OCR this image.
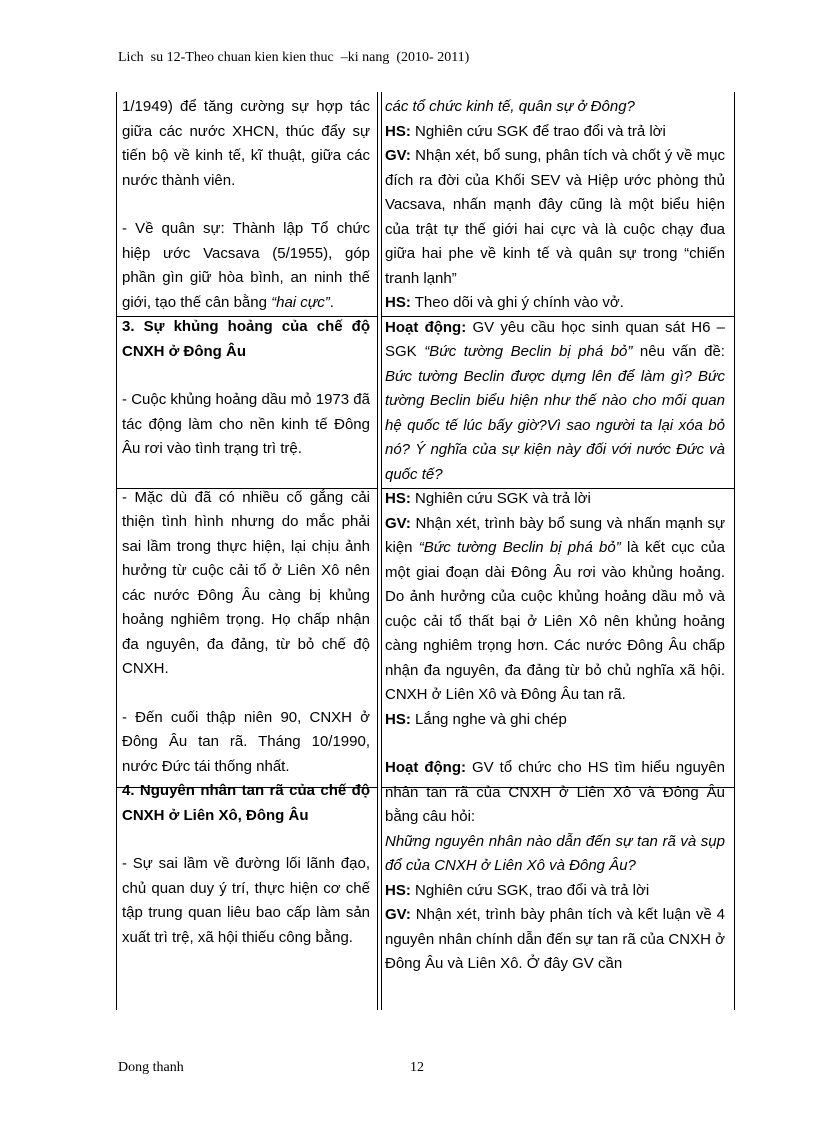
Lich  su 12-Theo chuan kien kien thuc  –ki nang  (2010- 2011)

1/1949) để tăng cường sự hợp tác giữa các nước XHCN, thúc đẩy sự tiến bộ về kinh tế, kĩ thuật, giữa các nước thành viên.

- Về quân sự: Thành lập Tổ chức hiệp ước Vacsava (5/1955), góp phần gìn giữ hòa bình, an ninh thế giới, tạo thế cân bằng “hai cực”.

3. Sự khủng hoảng của chế độ CNXH ở Đông Âu

- Cuộc khủng hoảng dầu mỏ 1973 đã tác động làm cho nền kinh tế Đông Âu rơi vào tình trạng trì trệ.

- Mặc dù đã có nhiều cố gắng cải thiện tình hình nhưng do mắc phải sai lầm trong thực hiện, lại chịu ảnh hưởng từ cuộc cải tổ ở Liên Xô nên các nước Đông Âu càng bị khủng hoảng nghiêm trọng. Họ chấp nhận đa nguyên, đa đảng, từ bỏ chế độ CNXH.

- Đến cuối thập niên 90, CNXH ở Đông Âu tan rã. Tháng 10/1990, nước Đức tái thống nhất.

4. Nguyên nhân tan rã của chế độ CNXH ở Liên Xô, Đông Âu

- Sự sai lầm về đường lối lãnh đạo, chủ quan duy ý trí, thực hiện cơ chế tập trung quan liêu bao cấp làm sản xuất trì trệ, xã hội thiếu công bằng.

các tổ chức kinh tế, quân sự ở Đông?

HS: Nghiên cứu SGK để trao đổi và trả lời

GV: Nhận xét, bổ sung, phân tích và chốt ý về mục đích ra đời của Khối SEV và Hiệp ước phòng thủ Vacsava, nhấn mạnh đây cũng là một biểu hiện của trật tự thế giới hai cực và là cuộc chạy đua giữa hai phe về kinh tế và quân sự trong “chiến tranh lạnh”

HS: Theo dõi và ghi ý chính vào vở.

Hoạt động: GV yêu cầu học sinh quan sát H6 – SGK “Bức tường Beclin bị phá bỏ” nêu vấn đề: Bức tường Beclin được dựng lên để làm gì? Bức tường Beclin biểu hiện như thế nào cho mối quan hệ quốc tế lúc bấy giờ?Vì sao người ta lại xóa bỏ nó? Ý nghĩa của sự kiện này đối với nước Đức và quốc tế?

HS: Nghiên cứu SGK và trả lời

GV: Nhận xét, trình bày bổ sung và nhấn mạnh sự kiện “Bức tường Beclin bị phá bỏ” là kết cục của một giai đoạn dài Đông Âu rơi vào khủng hoảng. Do ảnh hưởng của cuộc khủng hoảng dầu mỏ và cuộc cải tổ thất bại ở Liên Xô nên khủng hoảng càng nghiêm trọng hơn. Các nước Đông Âu chấp nhận đa nguyên, đa đảng từ bỏ chủ nghĩa xã hội. CNXH ở Liên Xô và Đông Âu tan rã.

HS: Lắng nghe và ghi chép

Hoạt động: GV tổ chức cho HS tìm hiểu nguyên nhân tan rã của CNXH ở Liên Xô và Đông Âu bằng câu hỏi:

Những nguyên nhân nào dẫn đến sự tan rã và sụp đổ của CNXH ở Liên Xô và Đông Âu?

HS: Nghiên cứu SGK, trao đổi và trả lời

GV: Nhận xét, trình bày phân tích và kết luận về 4 nguyên nhân chính dẫn đến sự tan rã của CNXH ở Đông Âu và Liên Xô. Ở đây GV cần

Dong thanh	12
